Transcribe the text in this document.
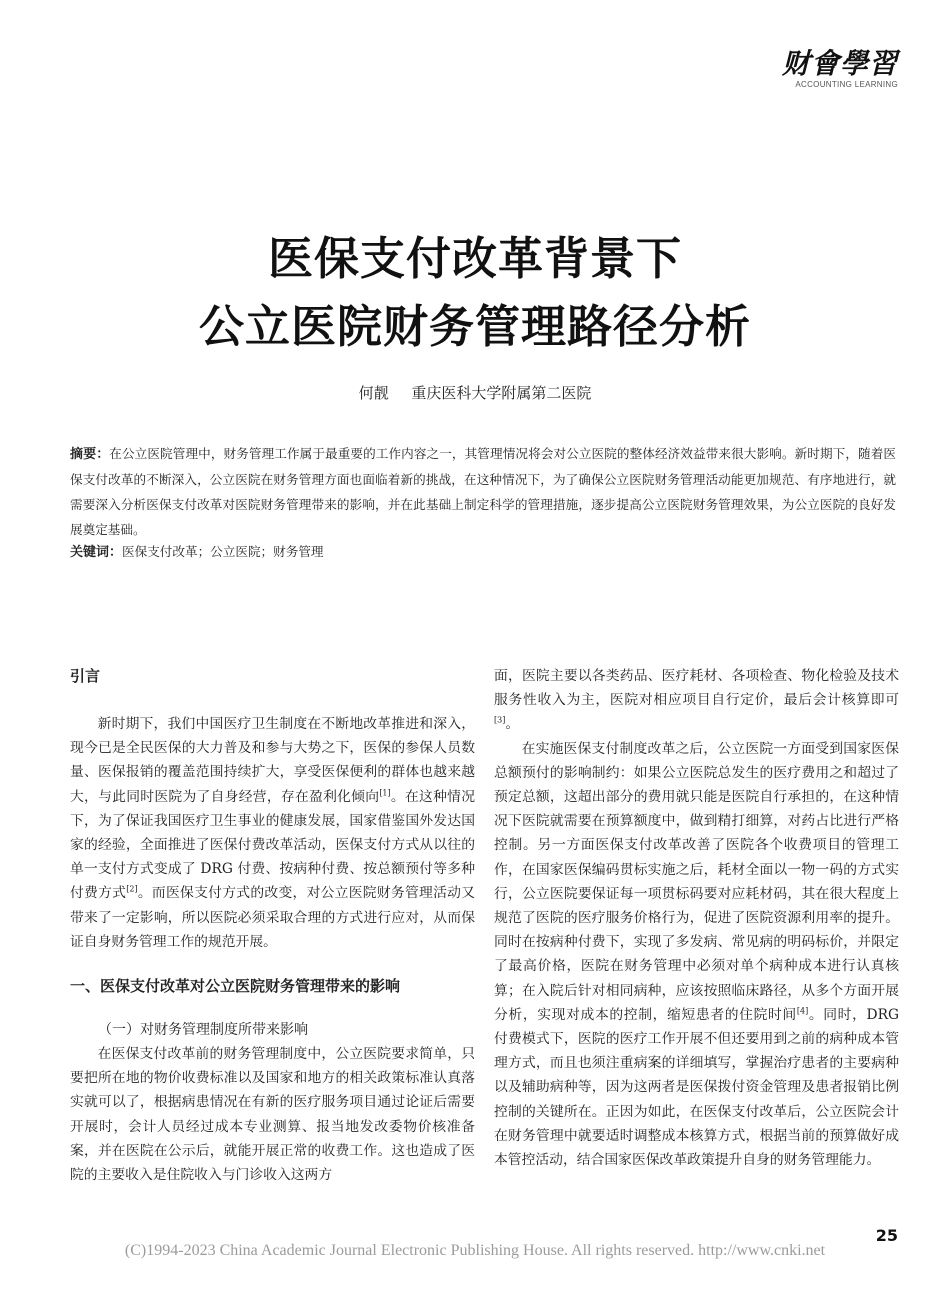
财會學習
ACCOUNTING LEARNING
医保支付改革背景下
公立医院财务管理路径分析
何靓 重庆医科大学附属第二医院
摘要：在公立医院管理中，财务管理工作属于最重要的工作内容之一，其管理情况将会对公立医院的整体经济效益带来很大影响。新时期下，随着医保支付改革的不断深入，公立医院在财务管理方面也面临着新的挑战，在这种情况下，为了确保公立医院财务管理活动能更加规范、有序地进行，就需要深入分析医保支付改革对医院财务管理带来的影响，并在此基础上制定科学的管理措施，逐步提高公立医院财务管理效果，为公立医院的良好发展奠定基础。
关键词：医保支付改革；公立医院；财务管理
引言

新时期下，我们中国医疗卫生制度在不断地改革推进和深入，现今已是全民医保的大力普及和参与大势之下，医保的参保人员数量、医保报销的覆盖范围持续扩大，享受医保便利的群体也越来越大，与此同时医院为了自身经营，存在盈利化倾向[1]。在这种情况下，为了保证我国医疗卫生事业的健康发展，国家借鉴国外发达国家的经验，全面推进了医保付费改革活动，医保支付方式从以往的单一支付方式变成了 DRG 付费、按病种付费、按总额预付等多种付费方式[2]。而医保支付方式的改变，对公立医院财务管理活动又带来了一定影响，所以医院必须采取合理的方式进行应对，从而保证自身财务管理工作的规范开展。

一、医保支付改革对公立医院财务管理带来的影响
（一）对财务管理制度所带来影响

在医保支付改革前的财务管理制度中，公立医院要求简单，只要把所在地的物价收费标准以及国家和地方的相关政策标准认真落实就可以了，根据病患情况在有新的医疗服务项目通过论证后需要开展时，会计人员经过成本专业测算、报当地发改委物价核准备案，并在医院在公示后，就能开展正常的收费工作。这也造成了医院的主要收入是住院收入与门诊收入这两方

面，医院主要以各类药品、医疗耗材、各项检查、物化检验及技术服务性收入为主，医院对相应项目自行定价，最后会计核算即可[3]。

在实施医保支付制度改革之后，公立医院一方面受到国家医保总额预付的影响制约：如果公立医院总发生的医疗费用之和超过了预定总额，这超出部分的费用就只能是医院自行承担的，在这种情况下医院就需要在预算额度中，做到精打细算，对药占比进行严格控制。另一方面医保支付改革改善了医院各个收费项目的管理工作，在国家医保编码贯标实施之后，耗材全面以一物一码的方式实行，公立医院要保证每一项贯标码要对应耗材码，其在很大程度上规范了医院的医疗服务价格行为，促进了医院资源利用率的提升。同时在按病种付费下，实现了多发病、常见病的明码标价，并限定了最高价格，医院在财务管理中必须对单个病种成本进行认真核算；在入院后针对相同病种，应该按照临床路径，从多个方面开展分析，实现对成本的控制，缩短患者的住院时间[4]。同时，DRG 付费模式下，医院的医疗工作开展不但还要用到之前的病种成本管理方式，而且也须注重病案的详细填写，掌握治疗患者的主要病种以及辅助病种等，因为这两者是医保拨付资金管理及患者报销比例控制的关键所在。正因为如此，在医保支付改革后，公立医院会计在财务管理中就要适时调整成本核算方式，根据当前的预算做好成本管控活动，结合国家医保改革政策提升自身的财务管理能力。

25
(C)1994-2023 China Academic Journal Electronic Publishing House. All rights reserved. http://www.cnki.net
